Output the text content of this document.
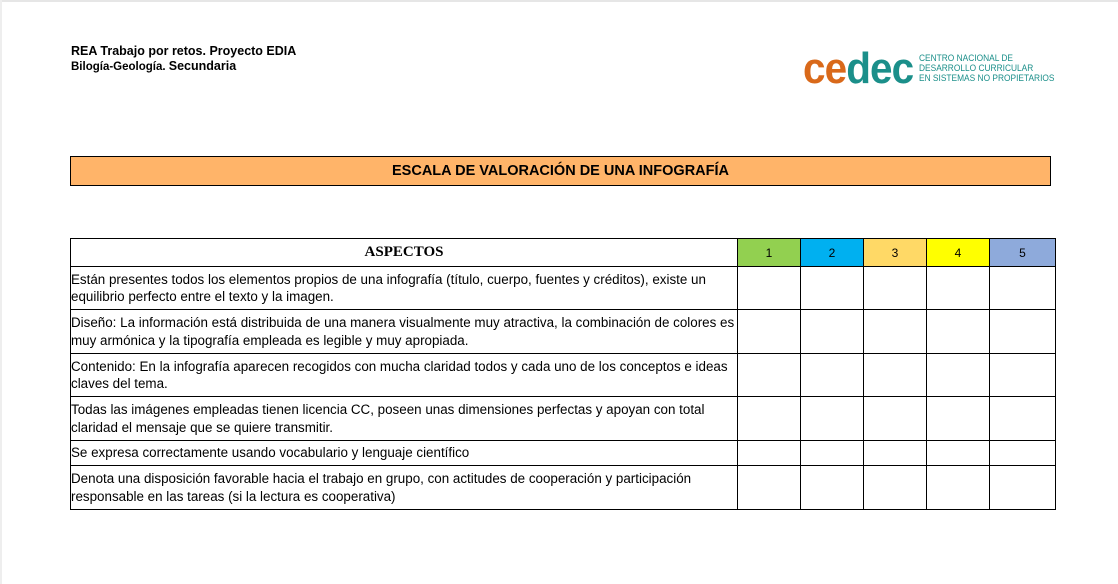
REA Trabajo por retos. Proyecto EDIA
Bilogía-Geología. Secundaria	cedec CENTRO NACIONAL DE
DESARROLLO CURRICULAR
EN SISTEMAS NO PROPIETARIOS
ESCALA DE VALORACIÓN DE UNA INFOGRAFÍA
ASPECTOS	1	2	3	4	5
Están presentes todos los elementos propios de una infografía (título, cuerpo, fuentes y créditos), existe un equilibrio perfecto entre el texto y la imagen.					
Diseño: La información está distribuida de una manera visualmente muy atractiva, la combinación de colores es muy armónica y la tipografía empleada es legible y muy apropiada.					
Contenido: En la infografía aparecen recogidos con mucha claridad todos y cada uno de los conceptos e ideas claves del tema.					
Todas las imágenes empleadas tienen licencia CC, poseen unas dimensiones perfectas y apoyan con total claridad el mensaje que se quiere transmitir.					
Se expresa correctamente usando vocabulario y lenguaje científico					
Denota una disposición favorable hacia el trabajo en grupo, con actitudes de cooperación y participación responsable en las tareas (si la lectura es cooperativa)					
